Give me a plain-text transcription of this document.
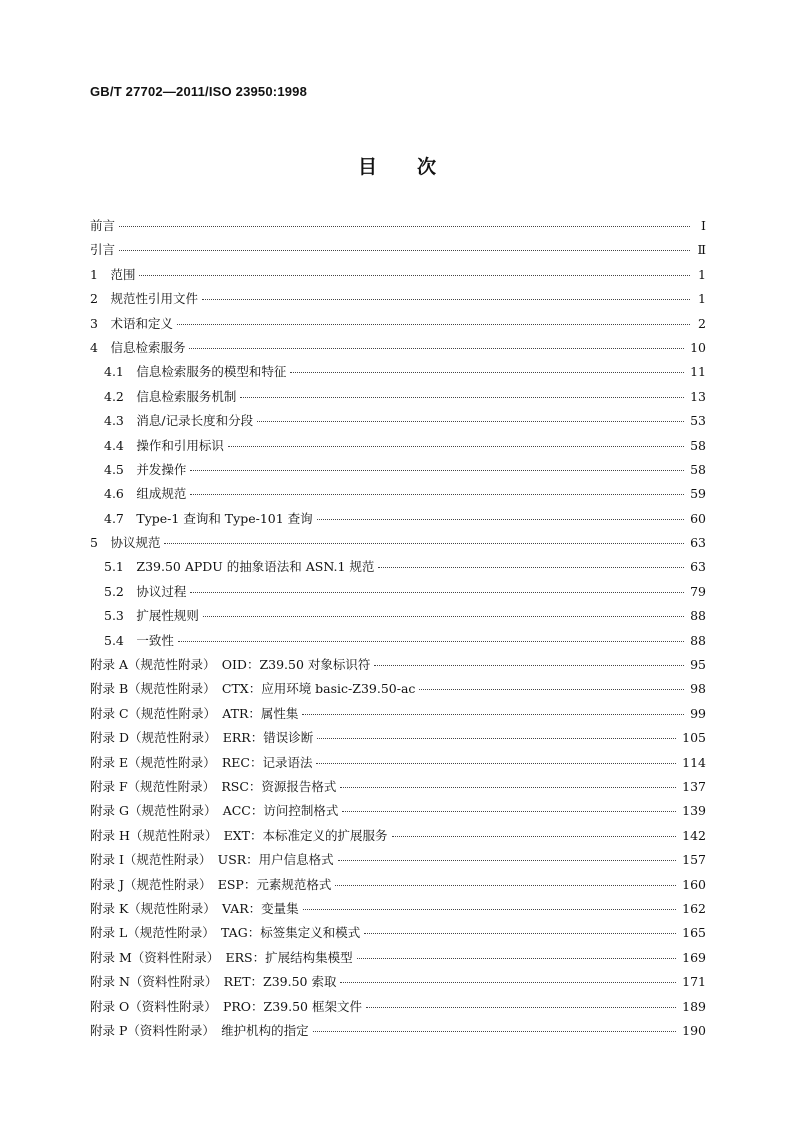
GB/T 27702—2011/ISO 23950:1998
目 次
前言	Ⅰ
引言	Ⅱ
1　范围	1
2　规范性引用文件	1
3　术语和定义	2
4　信息检索服务	10
4.1　信息检索服务的模型和特征	11
4.2　信息检索服务机制	13
4.3　消息/记录长度和分段	53
4.4　操作和引用标识	58
4.5　并发操作	58
4.6　组成规范	59
4.7　Type-1 查询和 Type-101 查询	60
5　协议规范	63
5.1　Z39.50 APDU 的抽象语法和 ASN.1 规范	63
5.2　协议过程	79
5.3　扩展性规则	88
5.4　一致性	88
附录 A（规范性附录）　OID：Z39.50 对象标识符	95
附录 B（规范性附录）　CTX：应用环境 basic-Z39.50-ac	98
附录 C（规范性附录）　ATR：属性集	99
附录 D（规范性附录）　ERR：错误诊断	105
附录 E（规范性附录）　REC：记录语法	114
附录 F（规范性附录）　RSC：资源报告格式	137
附录 G（规范性附录）　ACC：访问控制格式	139
附录 H（规范性附录）　EXT：本标准定义的扩展服务	142
附录 I（规范性附录）　USR：用户信息格式	157
附录 J（规范性附录）　ESP：元素规范格式	160
附录 K（规范性附录）　VAR：变量集	162
附录 L（规范性附录）　TAG：标签集定义和模式	165
附录 M（资料性附录）　ERS：扩展结构集模型	169
附录 N（资料性附录）　RET：Z39.50 索取	171
附录 O（资料性附录）　PRO：Z39.50 框架文件	189
附录 P（资料性附录）　维护机构的指定	190
